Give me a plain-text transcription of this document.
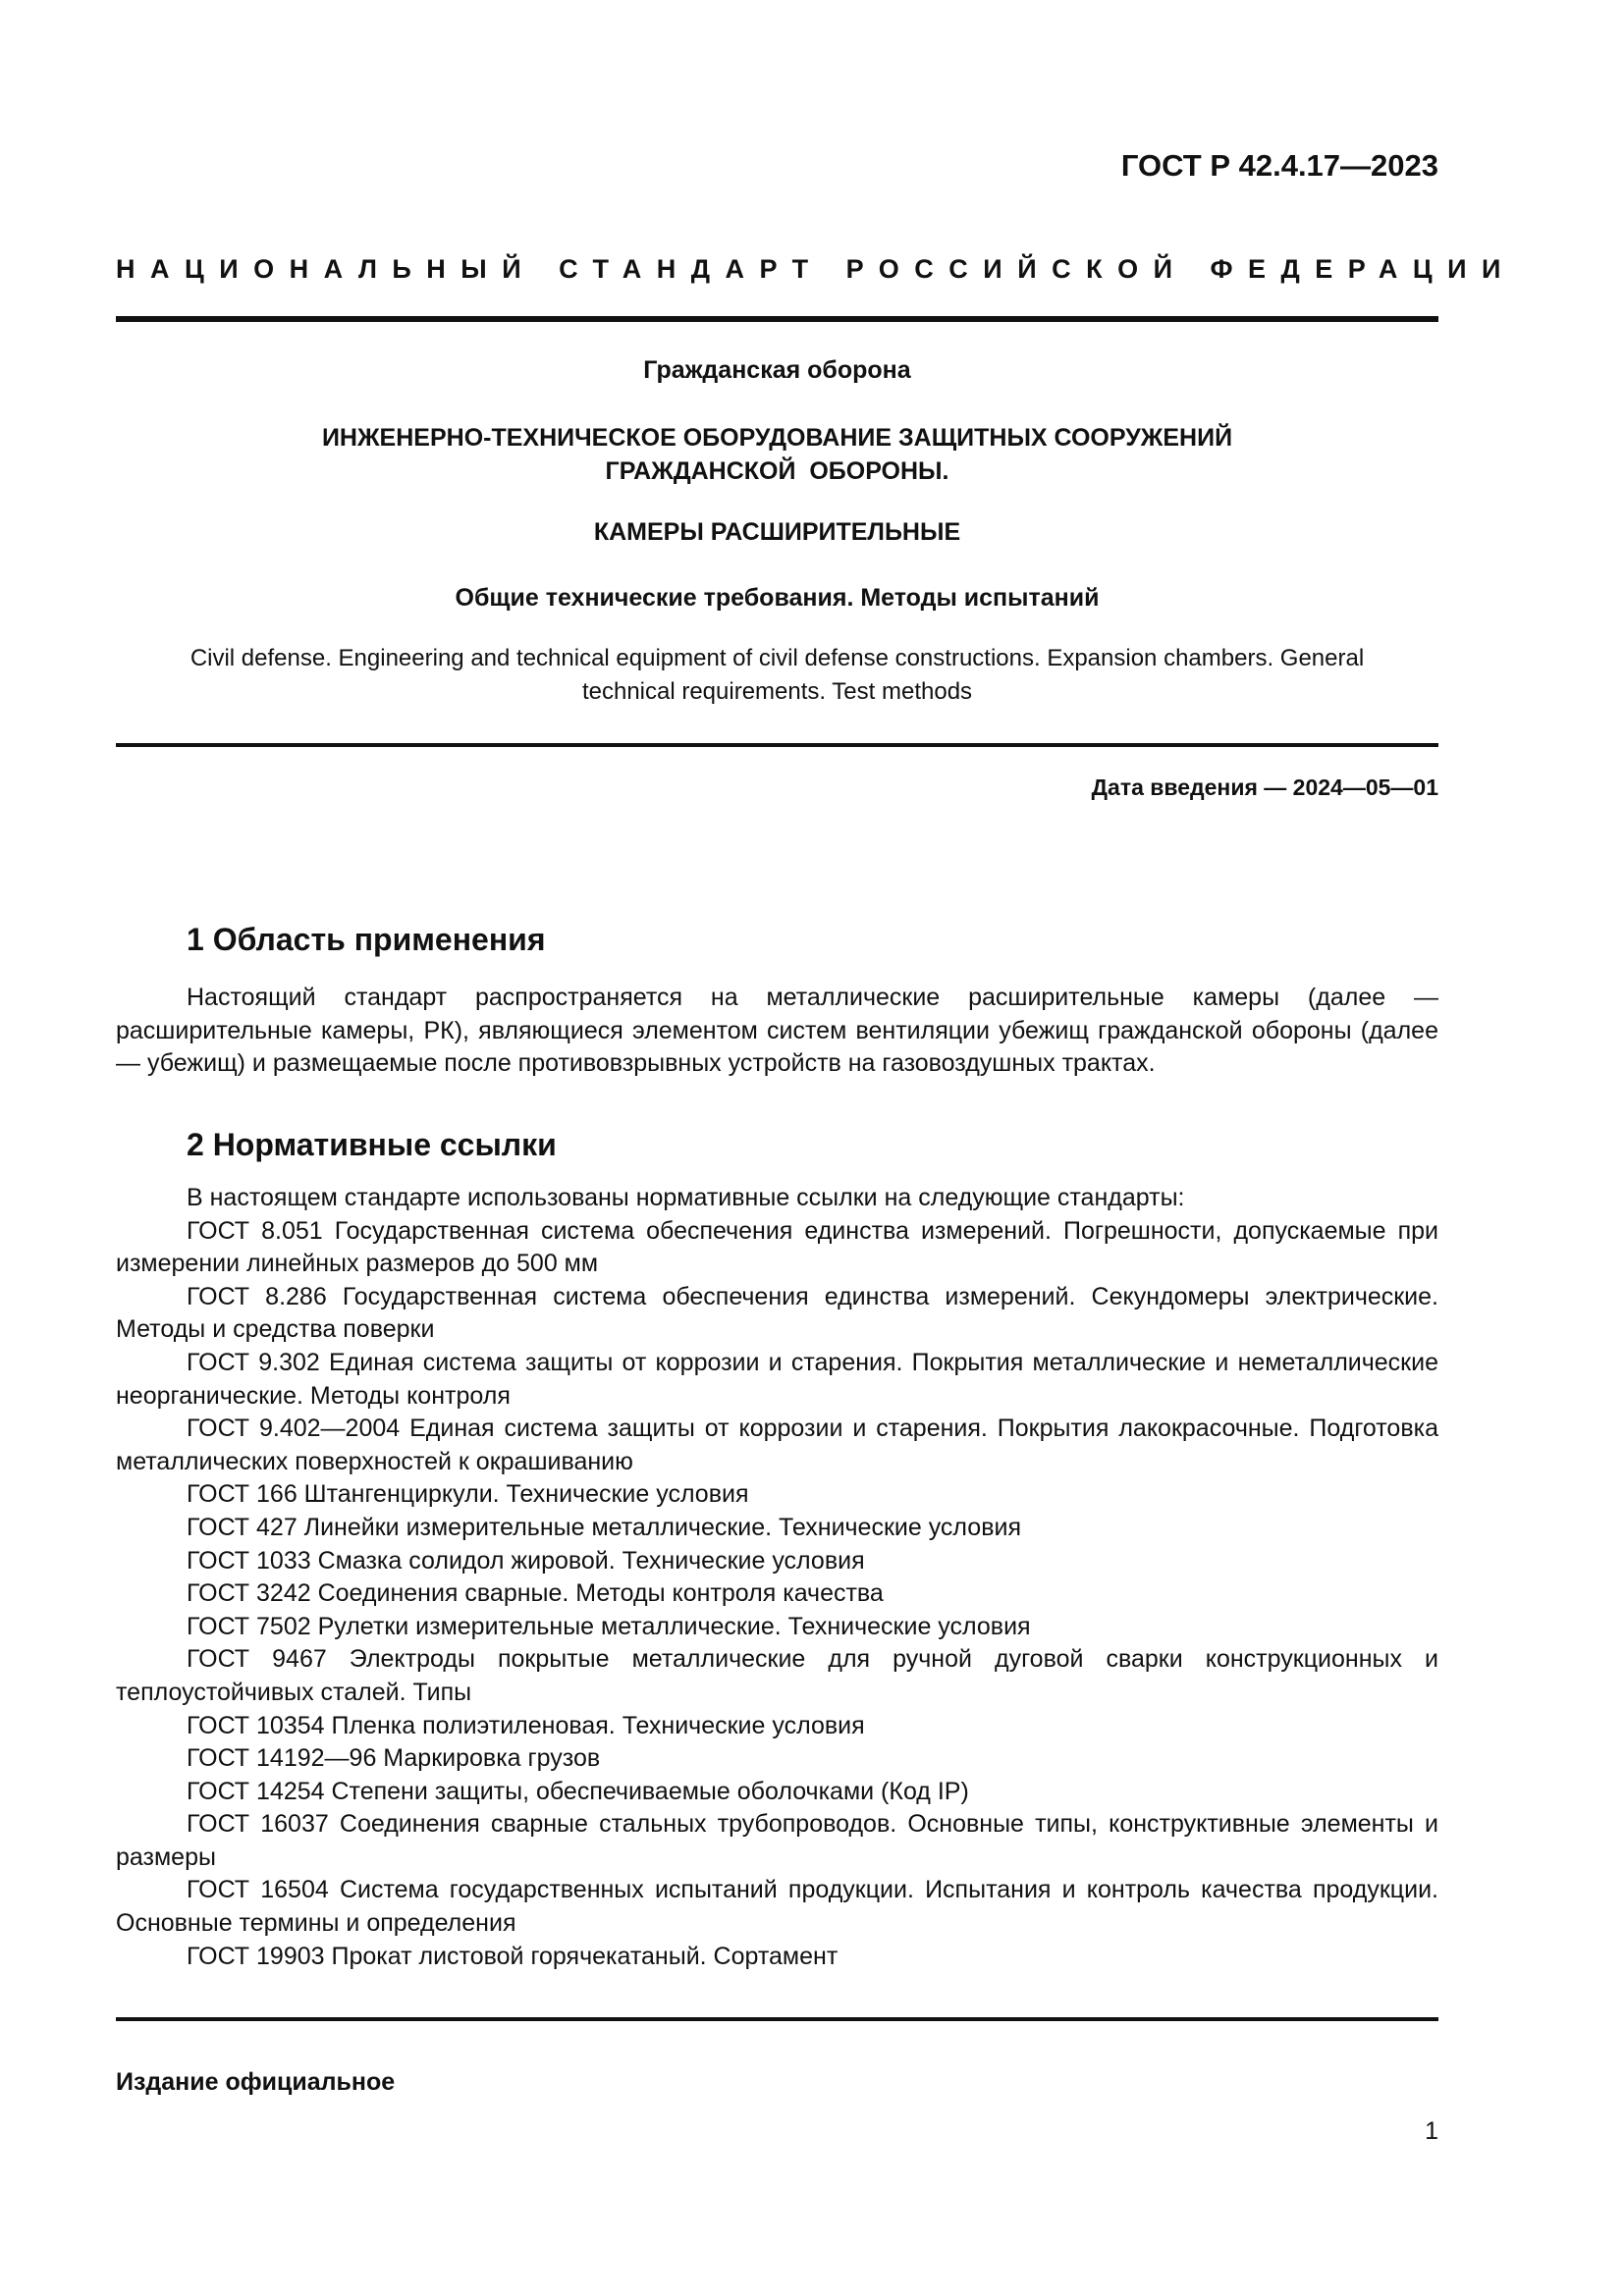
ГОСТ Р 42.4.17—2023
НАЦИОНАЛЬНЫЙ СТАНДАРТ РОССИЙСКОЙ ФЕДЕРАЦИИ
Гражданская оборона
ИНЖЕНЕРНО-ТЕХНИЧЕСКОЕ ОБОРУДОВАНИЕ ЗАЩИТНЫХ СООРУЖЕНИЙ
ГРАЖДАНСКОЙ  ОБОРОНЫ.
КАМЕРЫ РАСШИРИТЕЛЬНЫЕ
Общие технические требования. Методы испытаний
Civil defense. Engineering and technical equipment of civil defense constructions. Expansion chambers. General
technical requirements. Test methods
Дата введения — 2024—05—01
1 Область применения

Настоящий стандарт распространяется на металлические расширительные камеры (далее — расширительные камеры, РК), являющиеся элементом систем вентиляции убежищ гражданской обороны (далее — убежищ) и размещаемые после противовзрывных устройств на газовоздушных трактах.

2 Нормативные ссылки

В настоящем стандарте использованы нормативные ссылки на следующие стандарты:

ГОСТ 8.051 Государственная система обеспечения единства измерений. Погрешности, допускаемые при измерении линейных размеров до 500 мм

ГОСТ 8.286 Государственная система обеспечения единства измерений. Секундомеры электрические. Методы и средства поверки

ГОСТ 9.302 Единая система защиты от коррозии и старения. Покрытия металлические и неметаллические неорганические. Методы контроля

ГОСТ 9.402—2004 Единая система защиты от коррозии и старения. Покрытия лакокрасочные. Подготовка металлических поверхностей к окрашиванию

ГОСТ 166 Штангенциркули. Технические условия

ГОСТ 427 Линейки измерительные металлические. Технические условия

ГОСТ 1033 Смазка солидол жировой. Технические условия

ГОСТ 3242 Соединения сварные. Методы контроля качества

ГОСТ 7502 Рулетки измерительные металлические. Технические условия

ГОСТ 9467 Электроды покрытые металлические для ручной дуговой сварки конструкционных и теплоустойчивых сталей. Типы

ГОСТ 10354 Пленка полиэтиленовая. Технические условия

ГОСТ 14192—96 Маркировка грузов

ГОСТ 14254 Степени защиты, обеспечиваемые оболочками (Код IP)

ГОСТ 16037 Соединения сварные стальных трубопроводов. Основные типы, конструктивные элементы и размеры

ГОСТ 16504 Система государственных испытаний продукции. Испытания и контроль качества продукции. Основные термины и определения

ГОСТ 19903 Прокат листовой горячекатаный. Сортамент

Издание официальное
1
